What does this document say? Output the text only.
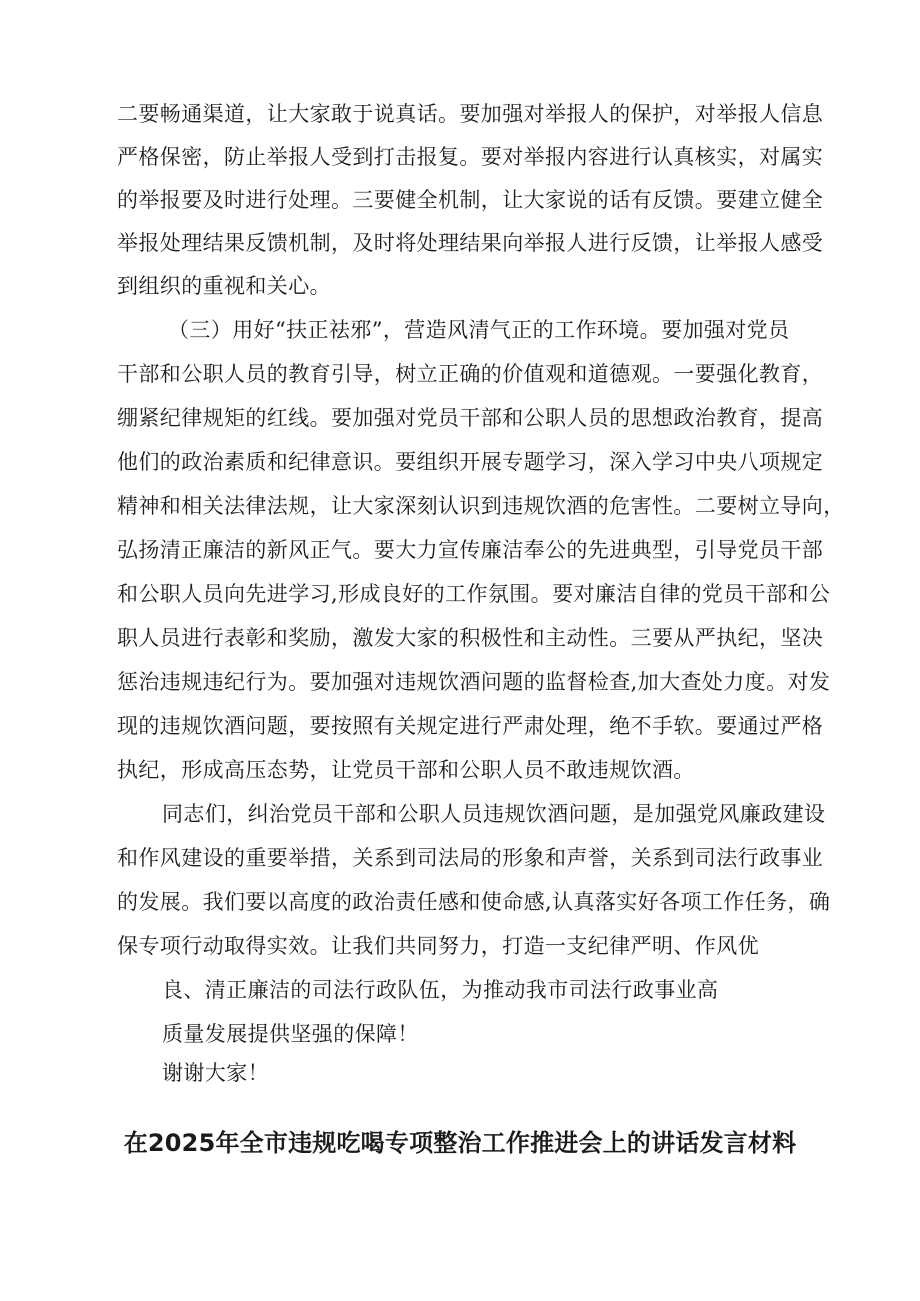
二要畅通渠道，让大家敢于说真话。要加强对举报人的保护，对举报人信息
严格保密，防止举报人受到打击报复。要对举报内容进行认真核实，对属实
的举报要及时进行处理。三要健全机制，让大家说的话有反馈。要建立健全
举报处理结果反馈机制，及时将处理结果向举报人进行反馈，让举报人感受
到组织的重视和关心。
（三）用好“扶正祛邪”，营造风清气正的工作环境。要加强对党员
干部和公职人员的教育引导，树立正确的价值观和道德观。一要强化教育，
绷紧纪律规矩的红线。要加强对党员干部和公职人员的思想政治教育，提高
他们的政治素质和纪律意识。要组织开展专题学习，深入学习中央八项规定
精神和相关法律法规，让大家深刻认识到违规饮酒的危害性。二要树立导向，
弘扬清正廉洁的新风正气。要大力宣传廉洁奉公的先进典型，引导党员干部
和公职人员向先进学习,形成良好的工作氛围。要对廉洁自律的党员干部和公
职人员进行表彰和奖励，激发大家的积极性和主动性。三要从严执纪，坚决
惩治违规违纪行为。要加强对违规饮酒问题的监督检查,加大查处力度。对发
现的违规饮酒问题，要按照有关规定进行严肃处理，绝不手软。要通过严格
执纪，形成高压态势，让党员干部和公职人员不敢违规饮酒。
同志们，纠治党员干部和公职人员违规饮酒问题，是加强党风廉政建设
和作风建设的重要举措，关系到司法局的形象和声誉，关系到司法行政事业
的发展。我们要以高度的政治责任感和使命感,认真落实好各项工作任务，确
保专项行动取得实效。让我们共同努力，打造一支纪律严明、作风优
良、清正廉洁的司法行政队伍，为推动我市司法行政事业高
质量发展提供坚强的保障！
谢谢大家！
在2025年全市违规吃喝专项整治工作推进会上的讲话发言材料
